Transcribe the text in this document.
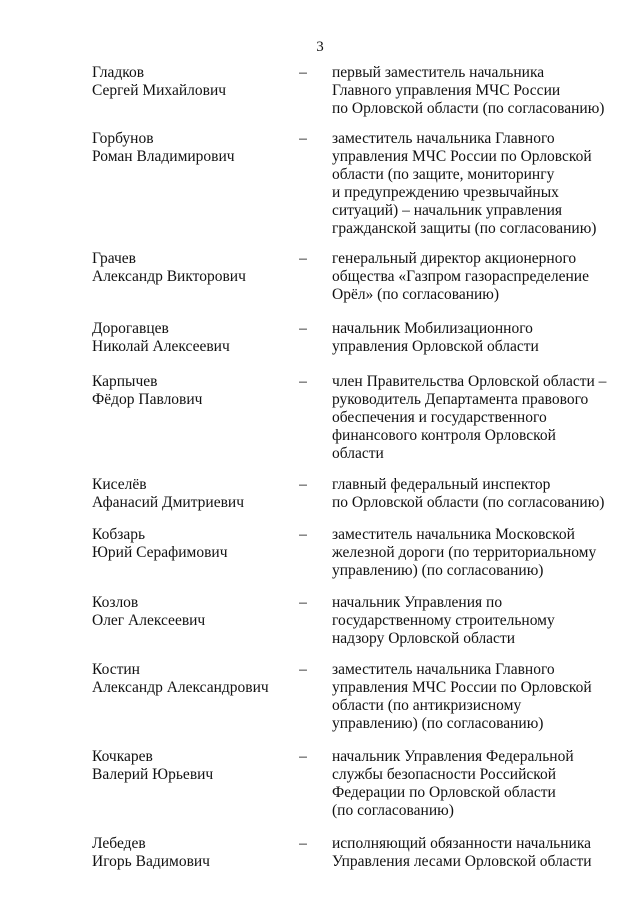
3
Гладков
Сергей Михайлович
– первый заместитель начальника
Главного управления МЧС России
по Орловской области (по согласованию)
Горбунов
Роман Владимирович
– заместитель начальника Главного
управления МЧС России по Орловской
области (по защите, мониторингу
и предупреждению чрезвычайных
ситуаций) – начальник управления
гражданской защиты (по согласованию)
Грачев
Александр Викторович
– генеральный директор акционерного
общества «Газпром газораспределение
Орёл» (по согласованию)
Дорогавцев
Николай Алексеевич
– начальник Мобилизационного
управления Орловской области
Карпычев
Фёдор Павлович
– член Правительства Орловской области –
руководитель Департамента правового
обеспечения и государственного
финансового контроля Орловской
области
Киселёв
Афанасий Дмитриевич
– главный федеральный инспектор
по Орловской области (по согласованию)
Кобзарь
Юрий Серафимович
– заместитель начальника Московской
железной дороги (по территориальному
управлению) (по согласованию)
Козлов
Олег Алексеевич
– начальник Управления по
государственному строительному
надзору Орловской области
Костин
Александр Александрович
– заместитель начальника Главного
управления МЧС России по Орловской
области (по антикризисному
управлению) (по согласованию)
Кочкарев
Валерий Юрьевич
– начальник Управления Федеральной
службы безопасности Российской
Федерации по Орловской области
(по согласованию)
Лебедев
Игорь Вадимович
– исполняющий обязанности начальника
Управления лесами Орловской области
